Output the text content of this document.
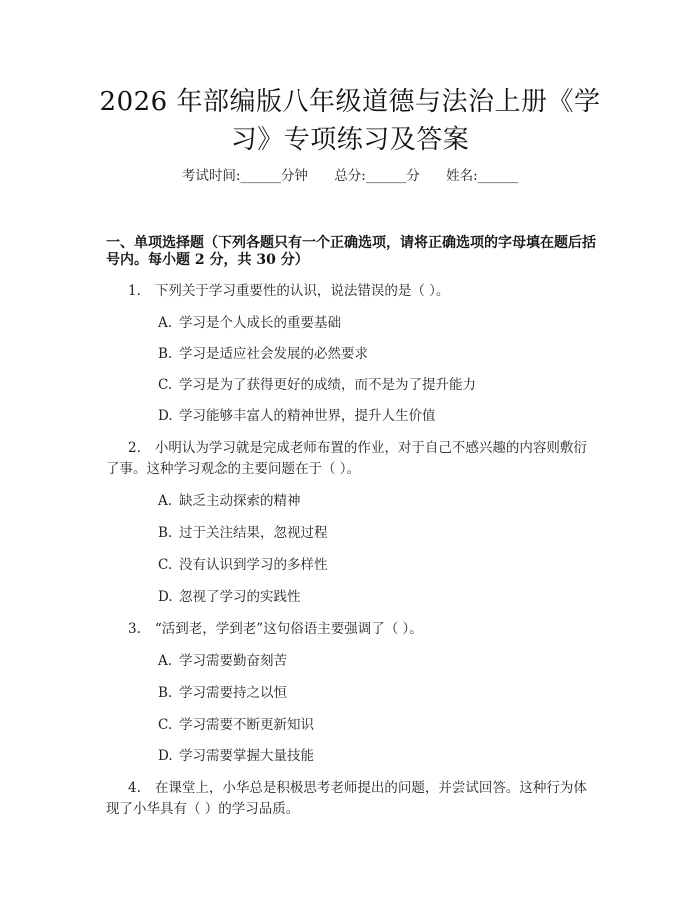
2026 年部编版八年级道德与法治上册《学
习》专项练习及答案
考试时间:______分钟 总分:______分 姓名:______
一、单项选择题（下列各题只有一个正确选项，请将正确选项的字母填在题后括
号内。每小题 2 分，共 30 分）
1. 下列关于学习重要性的认识，说法错误的是（ ）。
A. 学习是个人成长的重要基础
B. 学习是适应社会发展的必然要求
C. 学习是为了获得更好的成绩，而不是为了提升能力
D. 学习能够丰富人的精神世界，提升人生价值
2. 小明认为学习就是完成老师布置的作业，对于自己不感兴趣的内容则敷衍
了事。这种学习观念的主要问题在于（ ）。
A. 缺乏主动探索的精神
B. 过于关注结果，忽视过程
C. 没有认识到学习的多样性
D. 忽视了学习的实践性
3. “活到老，学到老”这句俗语主要强调了（ ）。
A. 学习需要勤奋刻苦
B. 学习需要持之以恒
C. 学习需要不断更新知识
D. 学习需要掌握大量技能
4. 在课堂上，小华总是积极思考老师提出的问题，并尝试回答。这种行为体
现了小华具有（ ）的学习品质。
